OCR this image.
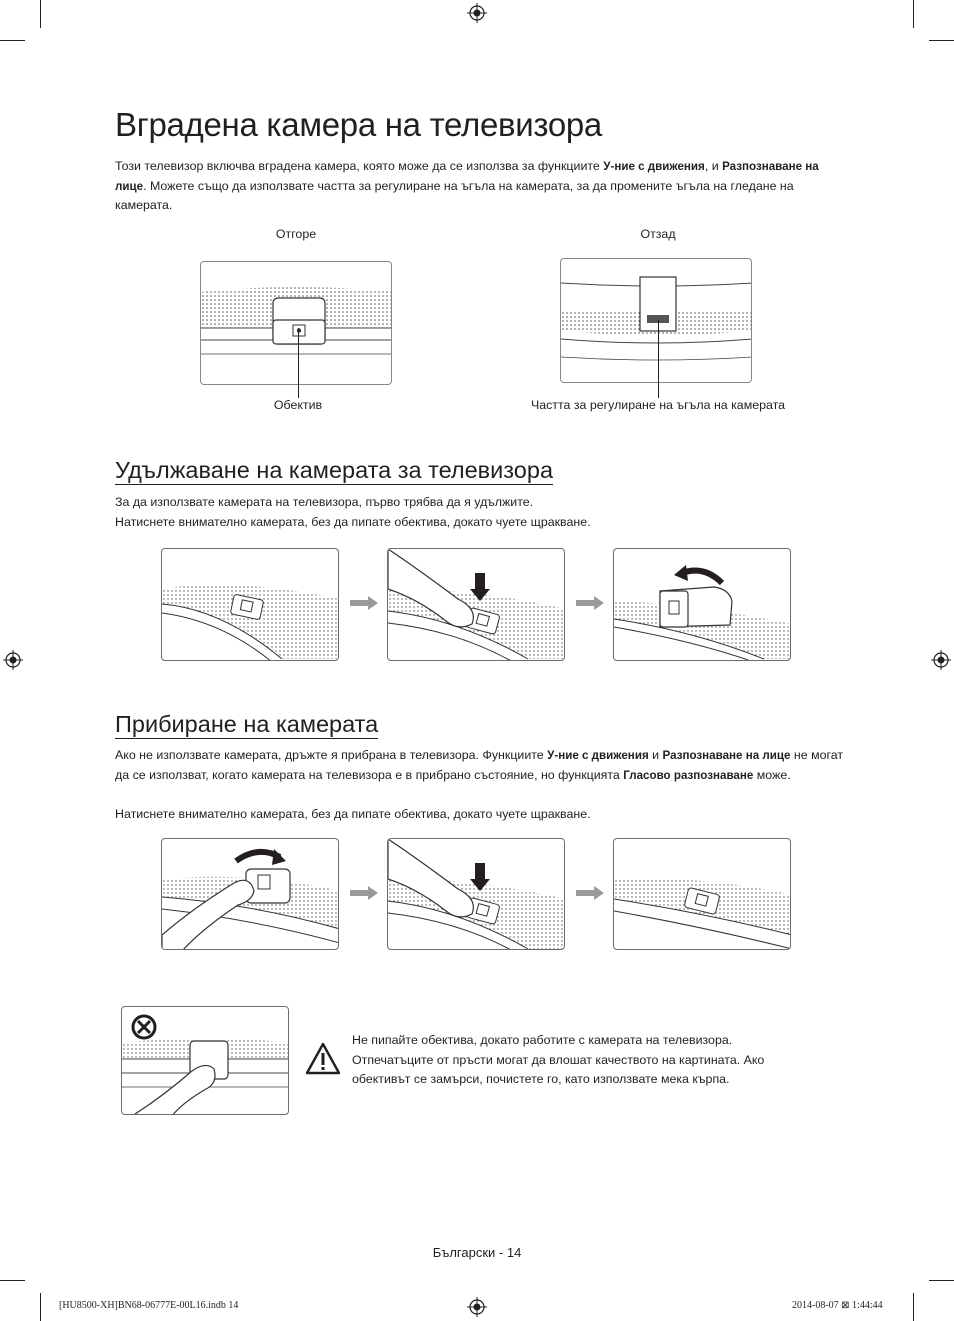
Вградена камера на телевизора

Този телевизор включва вградена камера, която може да се използва за функциите У-ние с движения, и Разпознаване на лице. Можете също да използвате частта за регулиране на ъгъла на камерата, за да промените ъгъла на гледане на камерата.

Отгоре	Отзад
Обектив	Частта за регулиране на ъгъла на камерата
Удължаване на камерата за телевизора

За да използвате камерата на телевизора, първо трябва да я удължите.

Натиснете внимателно камерата, без да пипате обектива, докато чуете щракване.

Прибиране на камерата

Ако не използвате камерата, дръжте я прибрана в телевизора. Функциите У-ние с движения и Разпознаване на лице не могат да се използват, когато камерата на телевизора е в прибрано състояние, но функцията Гласово разпознаване може.

Натиснете внимателно камерата, без да пипате обектива, докато чуете щракване.

Не пипайте обектива, докато работите с камерата на телевизора. Отпечатъците от пръсти могат да влошат качеството на картината. Ако обективът се замърси, почистете го, като използвате мека кърпа.

Български - 14
[HU8500-XH]BN68-06777E-00L16.indb 14	2014-08-07 ⊠ 1:44:44
